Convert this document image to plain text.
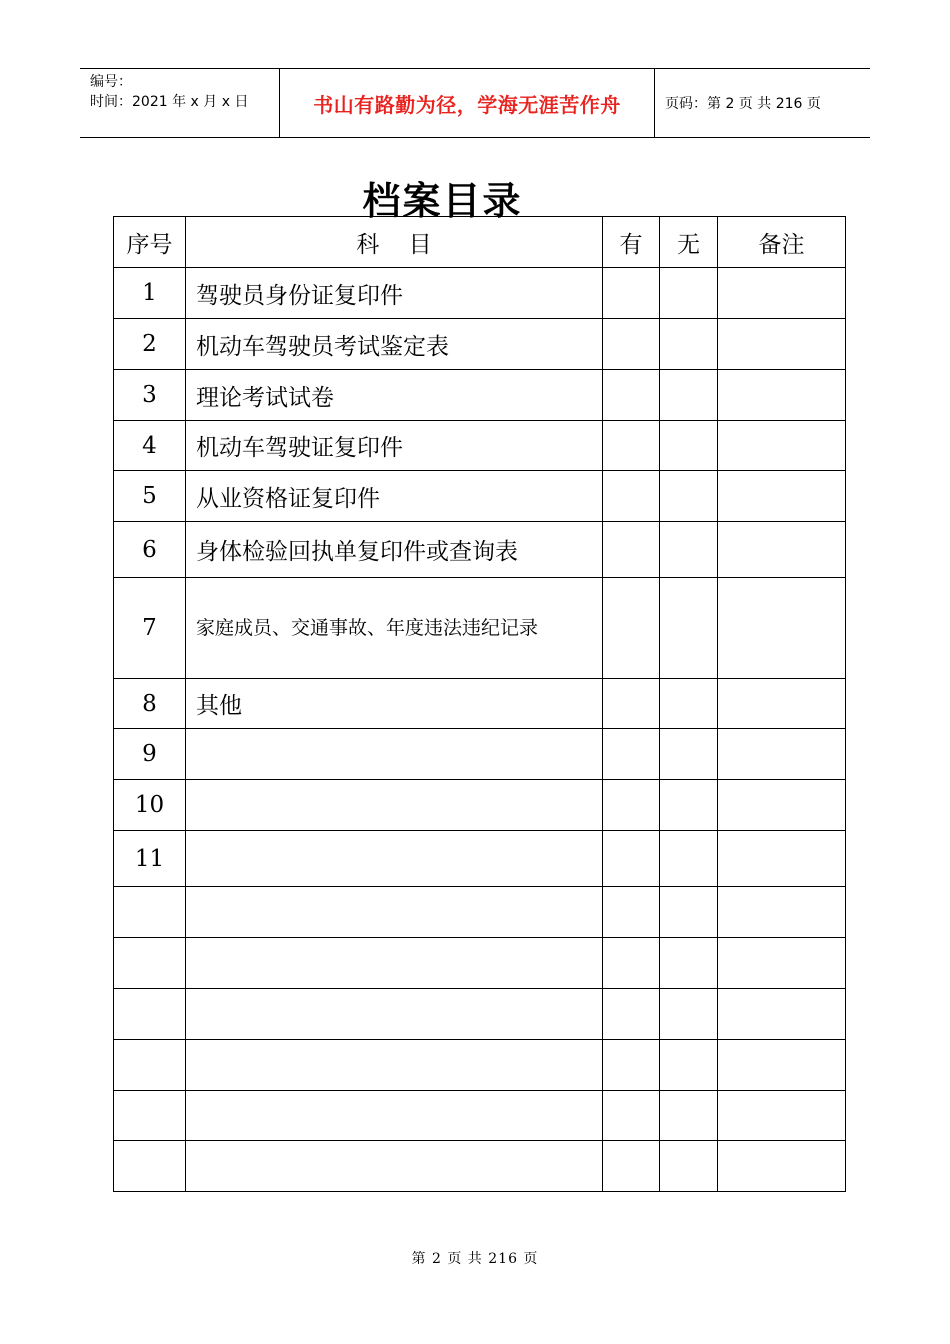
编号：
时间：2021 年 x 月 x 日	书山有路勤为径，学海无涯苦作舟	页码：第 2 页 共 216 页
档案目录
序号	科    目	有	无	备注
1	驾驶员身份证复印件			
2	机动车驾驶员考试鉴定表			
3	理论考试试卷			
4	机动车驾驶证复印件			
5	从业资格证复印件			
6	身体检验回执单复印件或查询表			
7	家庭成员、交通事故、年度违法违纪记录			
8	其他			
9				
10				
11				

第 2 页 共 216 页
